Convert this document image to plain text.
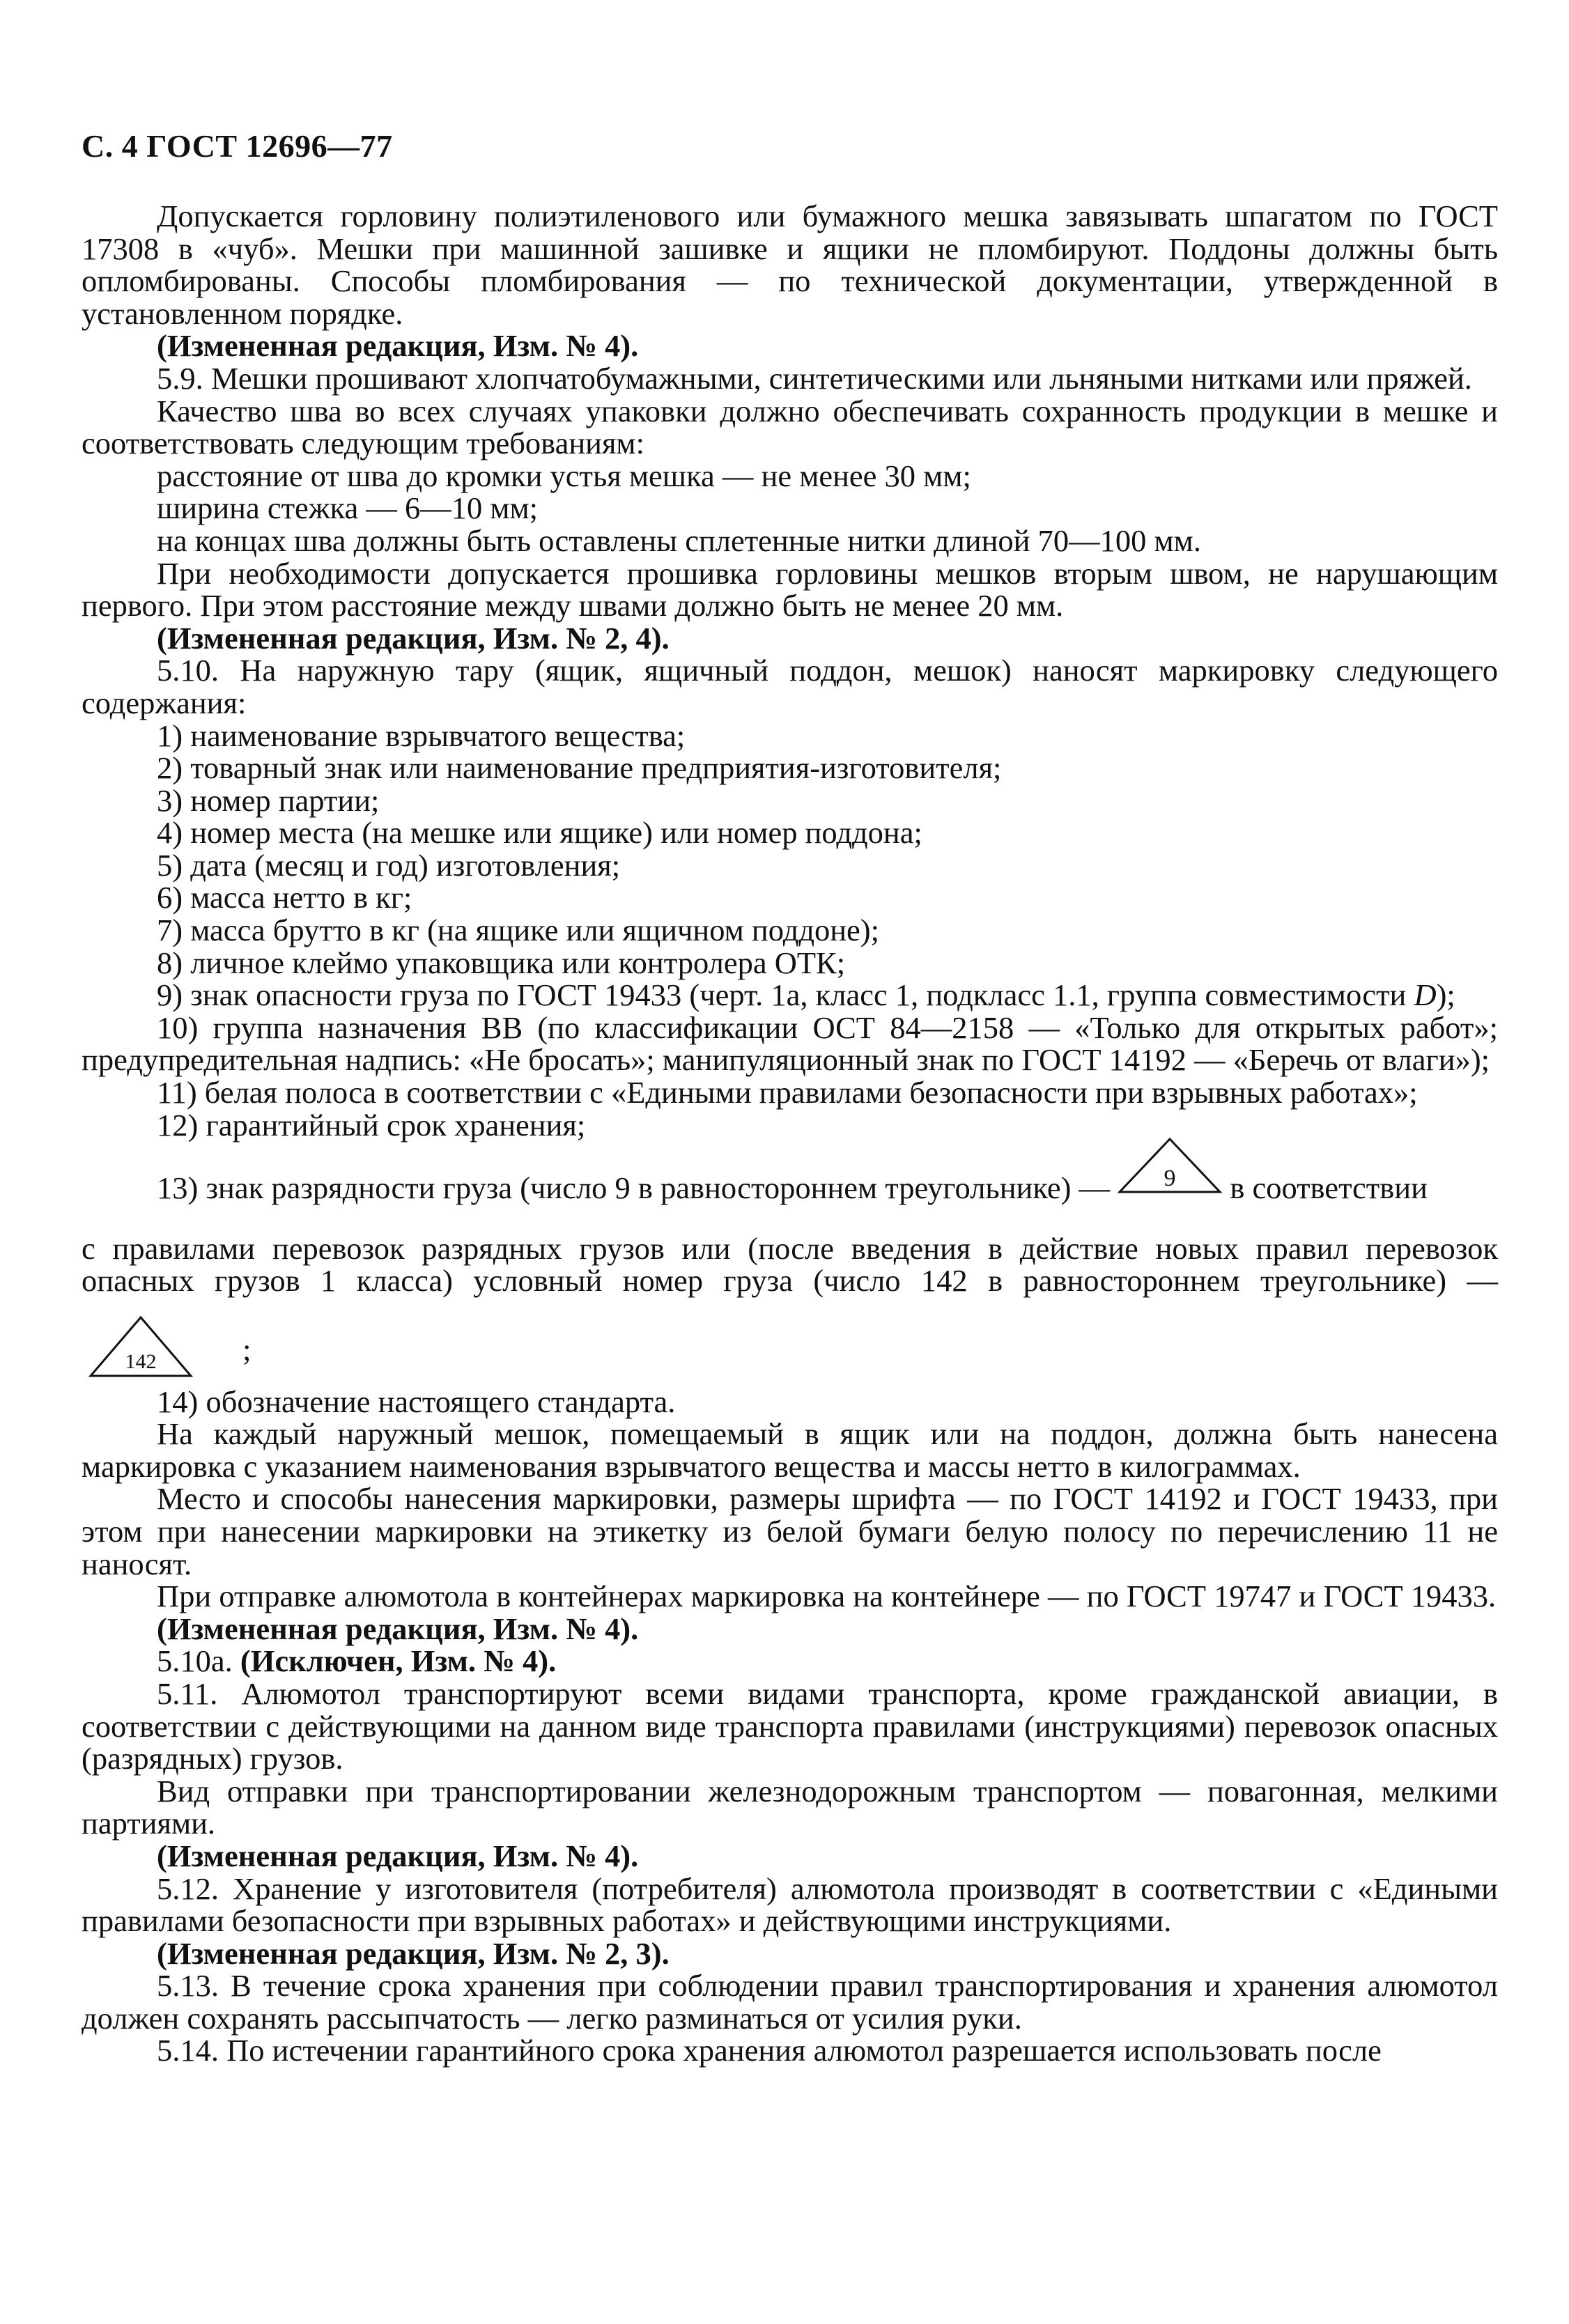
С. 4 ГОСТ 12696—77

Допускается горловину полиэтиленового или бумажного мешка завязывать шпагатом по ГОСТ 17308 в «чуб». Мешки при машинной зашивке и ящики не пломбируют. Поддоны должны быть опломбированы. Способы пломбирования — по технической документации, утвержденной в установленном порядке.

(Измененная редакция, Изм. № 4).

5.9. Мешки прошивают хлопчатобумажными, синтетическими или льняными нитками или пряжей.

Качество шва во всех случаях упаковки должно обеспечивать сохранность продукции в мешке и соответствовать следующим требованиям:

расстояние от шва до кромки устья мешка — не менее 30 мм;

ширина стежка — 6—10 мм;

на концах шва должны быть оставлены сплетенные нитки длиной 70—100 мм.

При необходимости допускается прошивка горловины мешков вторым швом, не нарушающим первого. При этом расстояние между швами должно быть не менее 20 мм.

(Измененная редакция, Изм. № 2, 4).

5.10. На наружную тару (ящик, ящичный поддон, мешок) наносят маркировку следующего содержания:

1) наименование взрывчатого вещества;

2) товарный знак или наименование предприятия-изготовителя;

3) номер партии;

4) номер места (на мешке или ящике) или номер поддона;

5) дата (месяц и год) изготовления;

6) масса нетто в кг;

7) масса брутто в кг (на ящике или ящичном поддоне);

8) личное клеймо упаковщика или контролера ОТК;

9) знак опасности груза по ГОСТ 19433 (черт. 1а, класс 1, подкласс 1.1, группа совместимости D);

10) группа назначения ВВ (по классификации ОСТ 84—2158 — «Только для открытых работ»; предупредительная надпись: «Не бросать»; манипуляционный знак по ГОСТ 14192 — «Беречь от влаги»);

11) белая полоса в соответствии с «Едиными правилами безопасности при взрывных работах»;

12) гарантийный срок хранения;

13) знак разрядности груза (число 9 в равностороннем треугольнике) — 9 в соответствии

с правилами перевозок разрядных грузов или (после введения в действие новых правил перевозок опасных грузов 1 класса) условный номер груза (число 142 в равностороннем треугольнике) —
142	;

14) обозначение настоящего стандарта.

На каждый наружный мешок, помещаемый в ящик или на поддон, должна быть нанесена маркировка с указанием наименования взрывчатого вещества и массы нетто в килограммах.

Место и способы нанесения маркировки, размеры шрифта — по ГОСТ 14192 и ГОСТ 19433, при этом при нанесении маркировки на этикетку из белой бумаги белую полосу по перечислению 11 не наносят.

При отправке алюмотола в контейнерах маркировка на контейнере — по ГОСТ 19747 и ГОСТ 19433.

(Измененная редакция, Изм. № 4).

5.10а. (Исключен, Изм. № 4).

5.11. Алюмотол транспортируют всеми видами транспорта, кроме гражданской авиации, в соответствии с действующими на данном виде транспорта правилами (инструкциями) перевозок опасных (разрядных) грузов.

Вид отправки при транспортировании железнодорожным транспортом — повагонная, мелкими партиями.

(Измененная редакция, Изм. № 4).

5.12. Хранение у изготовителя (потребителя) алюмотола производят в соответствии с «Едиными правилами безопасности при взрывных работах» и действующими инструкциями.

(Измененная редакция, Изм. № 2, 3).

5.13. В течение срока хранения при соблюдении правил транспортирования и хранения алюмотол должен сохранять рассыпчатость — легко разминаться от усилия руки.

5.14. По истечении гарантийного срока хранения алюмотол разрешается использовать после
